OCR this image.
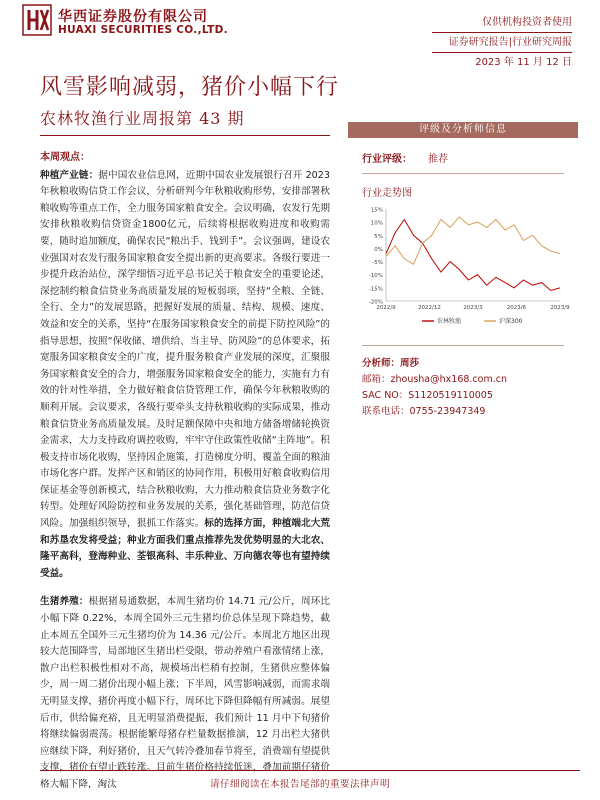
华西证券股份有限公司
HUAXI SECURITIES CO.,LTD.
仅供机构投资者使用
证券研究报告|行业研究周报
2023 年 11 月 12 日
风雪影响减弱，猪价小幅下行
农林牧渔行业周报第 43 期
本周观点：

种植产业链：据中国农业信息网，近期中国农业发展银行召开 2023 年秋粮收购信贷工作会议，分析研判今年秋粮收购形势，安排部署秋粮收购等重点工作，全力服务国家粮食安全。会议明确，农发行先期安排秋粮收购信贷资金1800亿元，后续将根据收购进度和收购需要，随时追加额度，确保农民“粮出手、钱到手”。会议强调，建设农业强国对农发行服务国家粮食安全提出新的更高要求。各级行要进一步提升政治站位，深学细悟习近平总书记关于粮食安全的重要论述，深挖制约粮食信贷业务高质量发展的短板弱项，坚持“全粮、全链、全行、全力”的发展思路，把握好发展的质量、结构、规模、速度、效益和安全的关系，坚持“在服务国家粮食安全的前提下防控风险”的指导思想，按照“保收储、增供给、当主导、防风险”的总体要求，拓宽服务国家粮食安全的广度，提升服务粮食产业发展的深度，汇聚服务国家粮食安全的合力，增强服务国家粮食安全的能力，实施有力有效的针对性举措，全力做好粮食信贷管理工作，确保今年秋粮收购的顺利开展。会议要求，各级行要牵头支持秋粮收购的实际成果，推动粮食信贷业务高质量发展。及时足额保障中央和地方储备增储轮换资金需求，大力支持政府调控收购，牢牢守住政策性收储“主阵地”。积极支持市场化收购，坚持因企施策，打造梯度分明、覆盖全面的粮油市场化客户群。发挥产区和销区的协同作用，积极用好粮食收购信用保证基金等创新模式，结合秋粮收购，大力推动粮食信贷业务数字化转型。处理好风险防控和业务发展的关系，强化基础管理，防范信贷风险。加强组织领导，狠抓工作落实。标的选择方面，种植端北大荒和苏垦农发将受益；种业方面我们重点推荐先发优势明显的大北农、隆平高科，登海种业、荃银高科、丰乐种业、万向德农等也有望持续受益。

生猪养殖：根据猪易通数据，本周生猪均价 14.71 元/公斤，周环比小幅下降 0.22%，本周全国外三元生猪均价总体呈现下降趋势，截止本周五全国外三元生猪均价为 14.36 元/公斤。本周北方地区出现较大范围降雪，局部地区生猪出栏受限，带动养殖户看涨情绪上涨，散户出栏积极性相对不高，规模场出栏稍有控制，生猪供应整体偏少，周一周二猪价出现小幅上涨；下半周，风雪影响减弱，而需求端无明显支撑，猪价再度小幅下行，周环比下降但降幅有所减弱。展望后市，供给偏充裕，且无明显消费提振，我们预计 11 月中下旬猪价将继续偏弱震荡。根据能繁母猪存栏量数据推演，12 月出栏大猪供应继续下降，利好猪价，且天气转冷叠加春节将至，消费端有望提供支撑，猪价有望止跌转涨。目前生猪价格持续低迷，叠加前期仔猪价格大幅下降，淘汰

评级及分析师信息
行业评级： 推荐
行业走势图
15%
10%
5%
0%
-5%
-10%
-15%
-20%
2022/9	2022/12	2023/3	2023/6	2023/9
农林牧渔	沪深300
分析师：周莎
邮箱：zhousha@hx168.com.cn
SAC NO：S1120519110005
联系电话：0755-23947349
请仔细阅读在本报告尾部的重要法律声明
